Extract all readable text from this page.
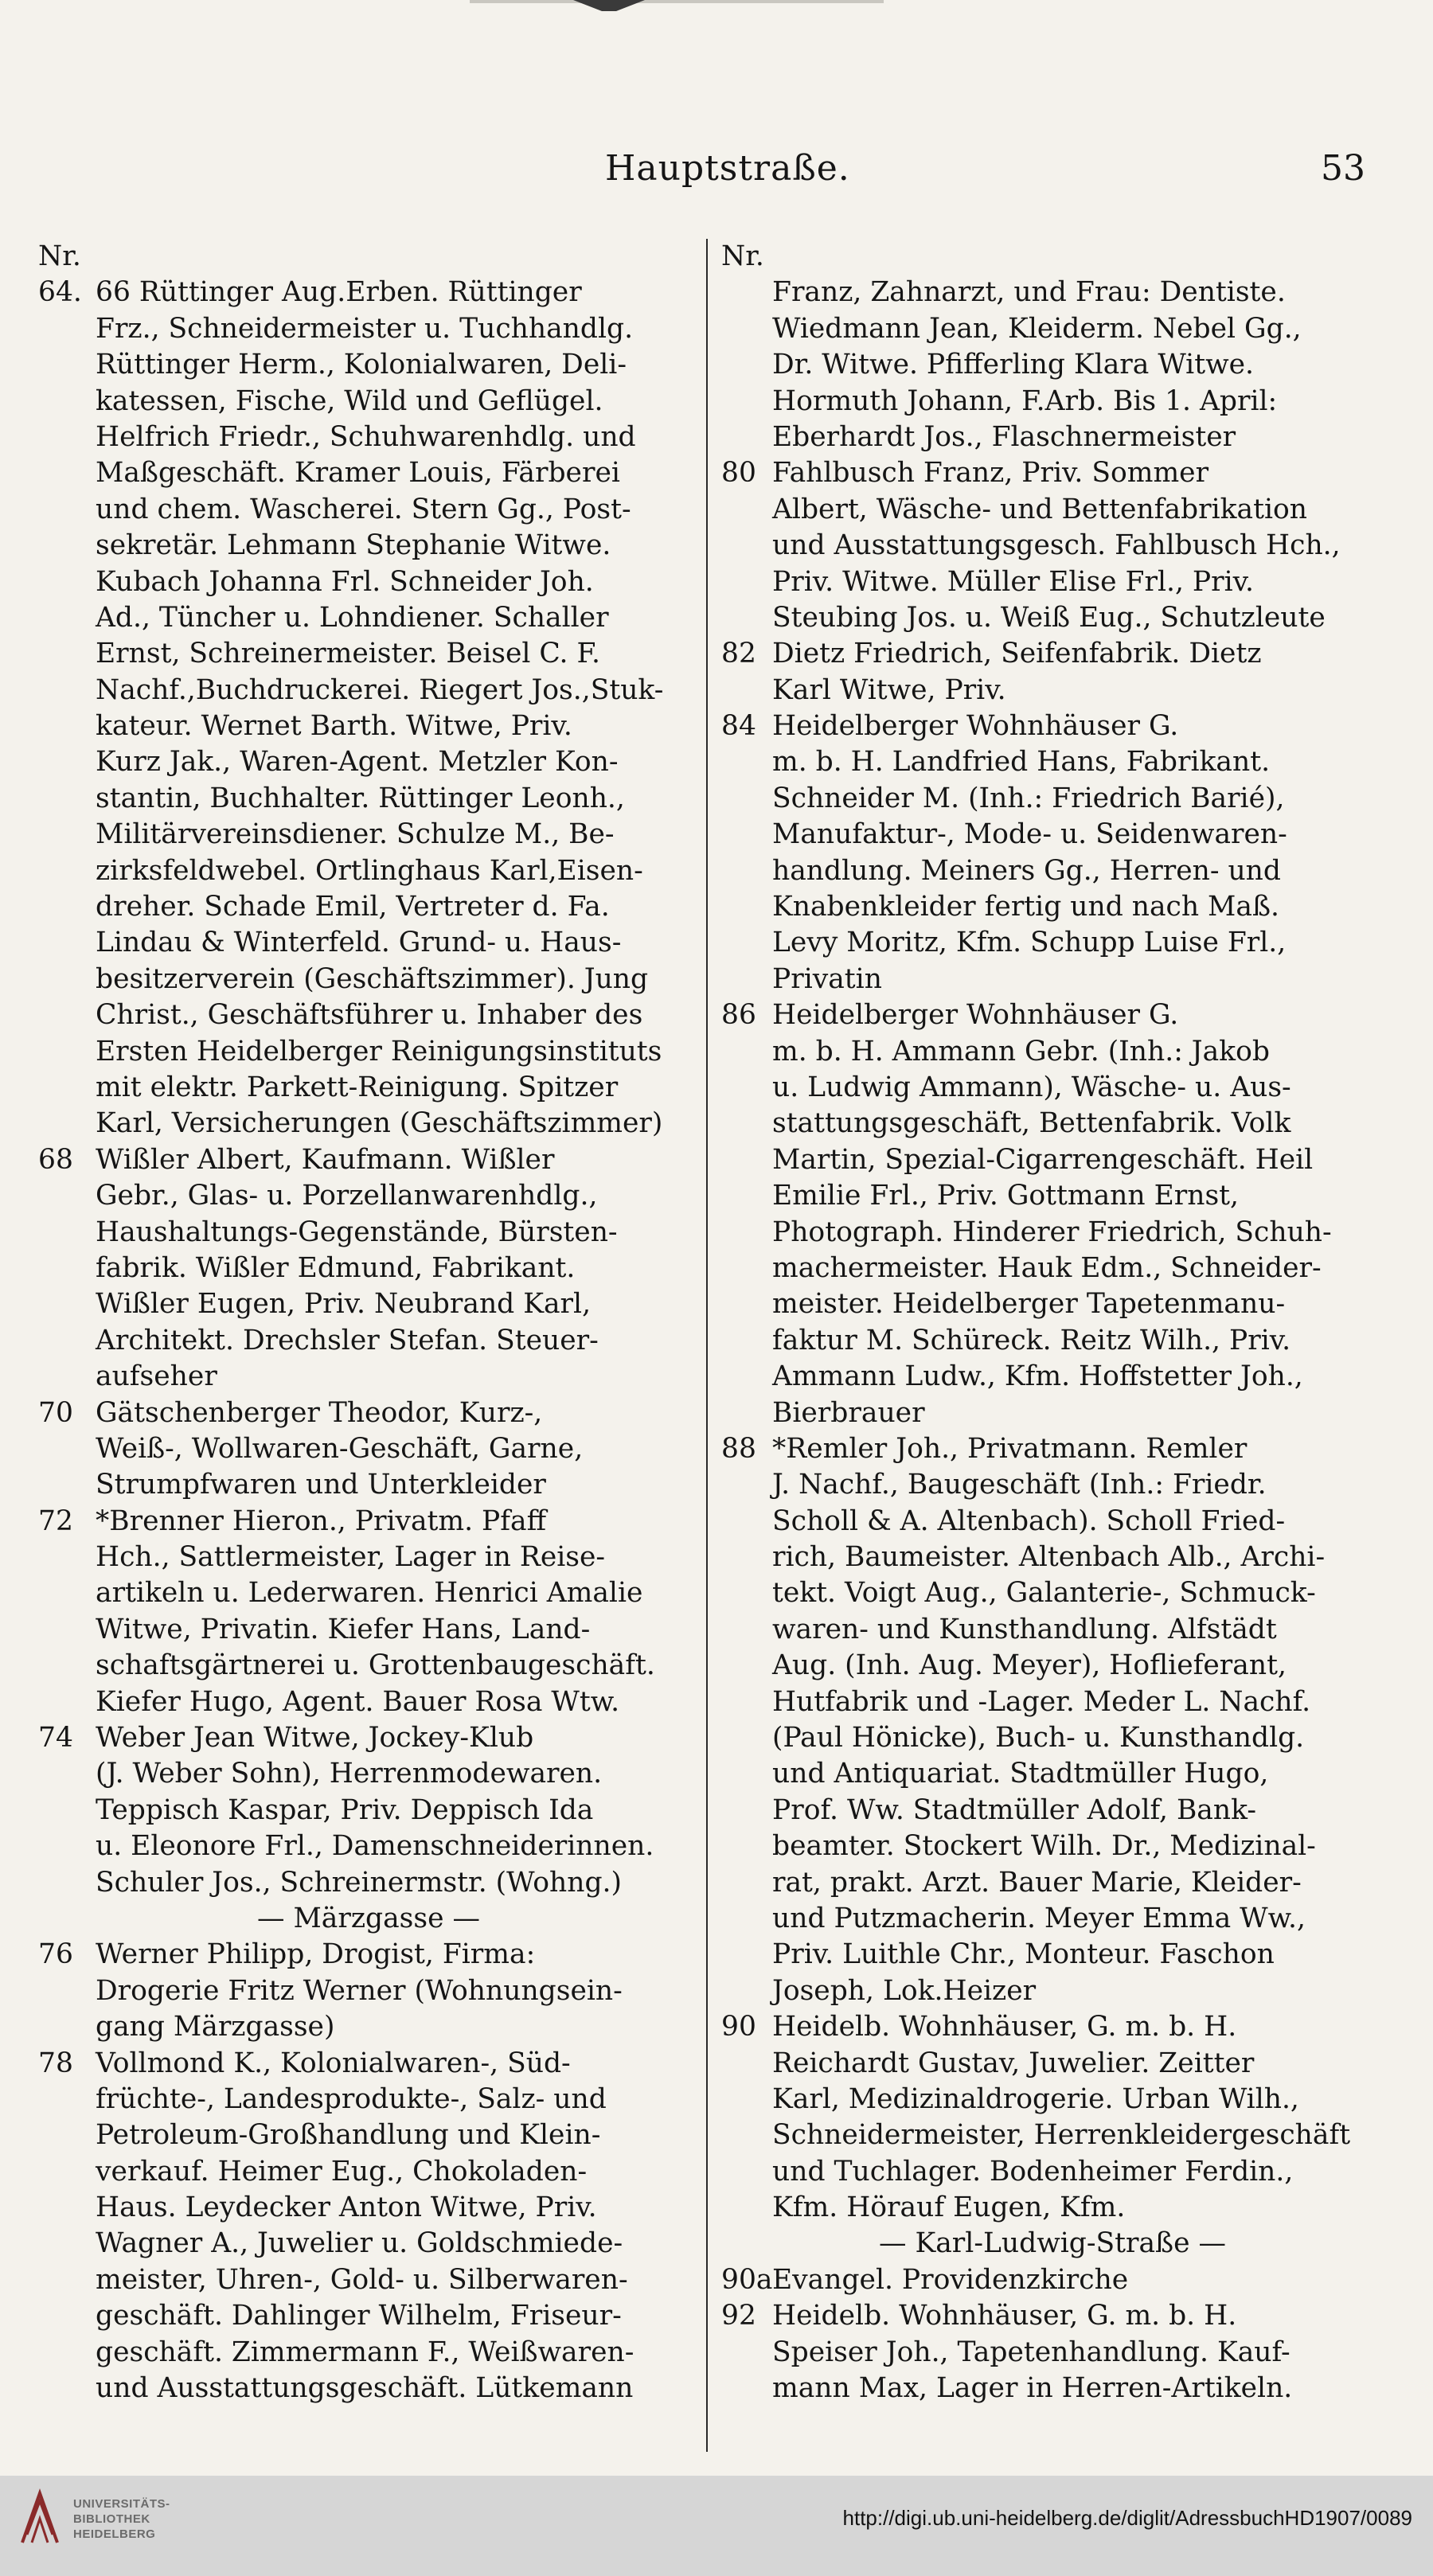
Hauptstraße.	53
Nr.
64. 66 Rüttinger Aug.Erben. Rüttinger
Frz., Schneidermeister u. Tuchhandlg.
Rüttinger Herm., Kolonialwaren, Deli-
katessen, Fische, Wild und Geflügel.
Helfrich Friedr., Schuhwarenhdlg. und
Maßgeschäft. Kramer Louis, Färberei
und chem. Wascherei. Stern Gg., Post-
sekretär. Lehmann Stephanie Witwe.
Kubach Johanna Frl. Schneider Joh.
Ad., Tüncher u. Lohndiener. Schaller
Ernst, Schreinermeister. Beisel C. F.
Nachf.,Buchdruckerei. Riegert Jos.,Stuk-
kateur. Wernet Barth. Witwe, Priv.
Kurz Jak., Waren-Agent. Metzler Kon-
stantin, Buchhalter. Rüttinger Leonh.,
Militärvereinsdiener. Schulze M., Be-
zirksfeldwebel. Ortlinghaus Karl,Eisen-
dreher. Schade Emil, Vertreter d. Fa.
Lindau & Winterfeld. Grund- u. Haus-
besitzerverein (Geschäftszimmer). Jung
Christ., Geschäftsführer u. Inhaber des
Ersten Heidelberger Reinigungsinstituts
mit elektr. Parkett-Reinigung. Spitzer
Karl, Versicherungen (Geschäftszimmer)
68 Wißler Albert, Kaufmann. Wißler
Gebr., Glas- u. Porzellanwarenhdlg.,
Haushaltungs-Gegenstände, Bürsten-
fabrik. Wißler Edmund, Fabrikant.
Wißler Eugen, Priv. Neubrand Karl,
Architekt. Drechsler Stefan. Steuer-
aufseher
70 Gätschenberger Theodor, Kurz-,
Weiß-, Wollwaren-Geschäft, Garne,
Strumpfwaren und Unterkleider
72 *Brenner Hieron., Privatm. Pfaff
Hch., Sattlermeister, Lager in Reise-
artikeln u. Lederwaren. Henrici Amalie
Witwe, Privatin. Kiefer Hans, Land-
schaftsgärtnerei u. Grottenbaugeschäft.
Kiefer Hugo, Agent. Bauer Rosa Wtw.
74 Weber Jean Witwe, Jockey-Klub
(J. Weber Sohn), Herrenmodewaren.
Teppisch Kaspar, Priv. Deppisch Ida
u. Eleonore Frl., Damenschneiderinnen.
Schuler Jos., Schreinermstr. (Wohng.)
— Märzgasse —
76 Werner Philipp, Drogist, Firma:
Drogerie Fritz Werner (Wohnungsein-
gang Märzgasse)
78 Vollmond K., Kolonialwaren-, Süd-
früchte-, Landesprodukte-, Salz- und
Petroleum-Großhandlung und Klein-
verkauf. Heimer Eug., Chokoladen-
Haus. Leydecker Anton Witwe, Priv.
Wagner A., Juwelier u. Goldschmiede-
meister, Uhren-, Gold- u. Silberwaren-
geschäft. Dahlinger Wilhelm, Friseur-
geschäft. Zimmermann F., Weißwaren-
und Ausstattungsgeschäft. Lütkemann
Nr.
Franz, Zahnarzt, und Frau: Dentiste.
Wiedmann Jean, Kleiderm. Nebel Gg.,
Dr. Witwe. Pfifferling Klara Witwe.
Hormuth Johann, F.Arb. Bis 1. April:
Eberhardt Jos., Flaschnermeister
80 Fahlbusch Franz, Priv. Sommer
Albert, Wäsche- und Bettenfabrikation
und Ausstattungsgesch. Fahlbusch Hch.,
Priv. Witwe. Müller Elise Frl., Priv.
Steubing Jos. u. Weiß Eug., Schutzleute
82 Dietz Friedrich, Seifenfabrik. Dietz
Karl Witwe, Priv.
84 Heidelberger Wohnhäuser G.
m. b. H. Landfried Hans, Fabrikant.
Schneider M. (Inh.: Friedrich Barié),
Manufaktur-, Mode- u. Seidenwaren-
handlung. Meiners Gg., Herren- und
Knabenkleider fertig und nach Maß.
Levy Moritz, Kfm. Schupp Luise Frl.,
Privatin
86 Heidelberger Wohnhäuser G.
m. b. H. Ammann Gebr. (Inh.: Jakob
u. Ludwig Ammann), Wäsche- u. Aus-
stattungsgeschäft, Bettenfabrik. Volk
Martin, Spezial-Cigarrengeschäft. Heil
Emilie Frl., Priv. Gottmann Ernst,
Photograph. Hinderer Friedrich, Schuh-
machermeister. Hauk Edm., Schneider-
meister. Heidelberger Tapetenmanu-
faktur M. Schüreck. Reitz Wilh., Priv.
Ammann Ludw., Kfm. Hoffstetter Joh.,
Bierbrauer
88 *Remler Joh., Privatmann. Remler
J. Nachf., Baugeschäft (Inh.: Friedr.
Scholl & A. Altenbach). Scholl Fried-
rich, Baumeister. Altenbach Alb., Archi-
tekt. Voigt Aug., Galanterie-, Schmuck-
waren- und Kunsthandlung. Alfstädt
Aug. (Inh. Aug. Meyer), Hoflieferant,
Hutfabrik und -Lager. Meder L. Nachf.
(Paul Hönicke), Buch- u. Kunsthandlg.
und Antiquariat. Stadtmüller Hugo,
Prof. Ww. Stadtmüller Adolf, Bank-
beamter. Stockert Wilh. Dr., Medizinal-
rat, prakt. Arzt. Bauer Marie, Kleider-
und Putzmacherin. Meyer Emma Ww.,
Priv. Luithle Chr., Monteur. Faschon
Joseph, Lok.Heizer
90 Heidelb. Wohnhäuser, G. m. b. H.
Reichardt Gustav, Juwelier. Zeitter
Karl, Medizinaldrogerie. Urban Wilh.,
Schneidermeister, Herrenkleidergeschäft
und Tuchlager. Bodenheimer Ferdin.,
Kfm. Hörauf Eugen, Kfm.
— Karl-Ludwig-Straße —
90a Evangel. Providenzkirche
92 Heidelb. Wohnhäuser, G. m. b. H.
Speiser Joh., Tapetenhandlung. Kauf-
mann Max, Lager in Herren-Artikeln.
UNIVERSITÄTS-
BIBLIOTHEK
HEIDELBERG
http://digi.ub.uni-heidelberg.de/diglit/AdressbuchHD1907/0089
